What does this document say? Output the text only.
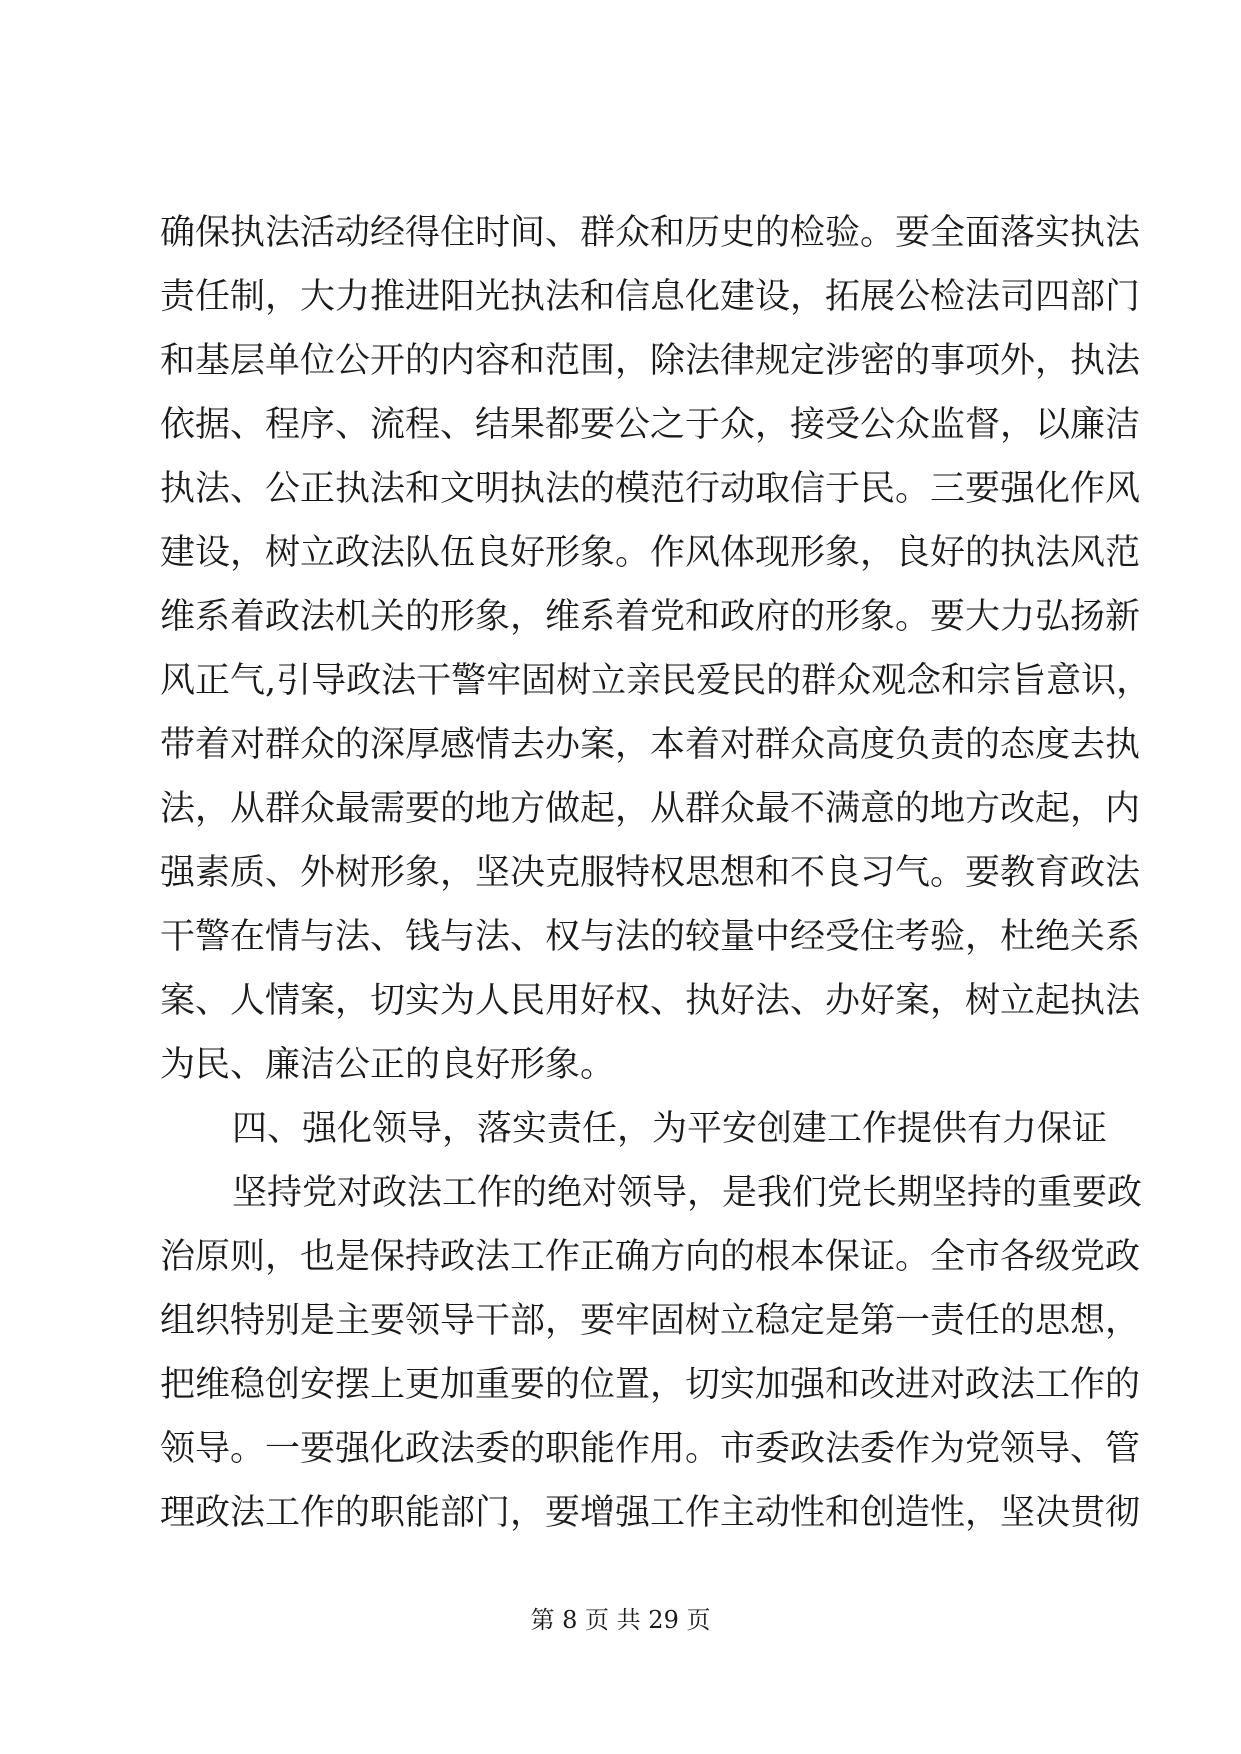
确保执法活动经得住时间、群众和历史的检验。要全面落实执法
责任制，大力推进阳光执法和信息化建设，拓展公检法司四部门
和基层单位公开的内容和范围，除法律规定涉密的事项外，执法
依据、程序、流程、结果都要公之于众，接受公众监督，以廉洁
执法、公正执法和文明执法的模范行动取信于民。三要强化作风
建设，树立政法队伍良好形象。作风体现形象，良好的执法风范
维系着政法机关的形象，维系着党和政府的形象。要大力弘扬新
风正气,引导政法干警牢固树立亲民爱民的群众观念和宗旨意识，
带着对群众的深厚感情去办案，本着对群众高度负责的态度去执
法，从群众最需要的地方做起，从群众最不满意的地方改起，内
强素质、外树形象，坚决克服特权思想和不良习气。要教育政法
干警在情与法、钱与法、权与法的较量中经受住考验，杜绝关系
案、人情案，切实为人民用好权、执好法、办好案，树立起执法
为民、廉洁公正的良好形象。
四、强化领导，落实责任，为平安创建工作提供有力保证
坚持党对政法工作的绝对领导，是我们党长期坚持的重要政
治原则，也是保持政法工作正确方向的根本保证。全市各级党政
组织特别是主要领导干部，要牢固树立稳定是第一责任的思想，
把维稳创安摆上更加重要的位置，切实加强和改进对政法工作的
领导。一要强化政法委的职能作用。市委政法委作为党领导、管
理政法工作的职能部门，要增强工作主动性和创造性，坚决贯彻
第 8 页 共 29 页
